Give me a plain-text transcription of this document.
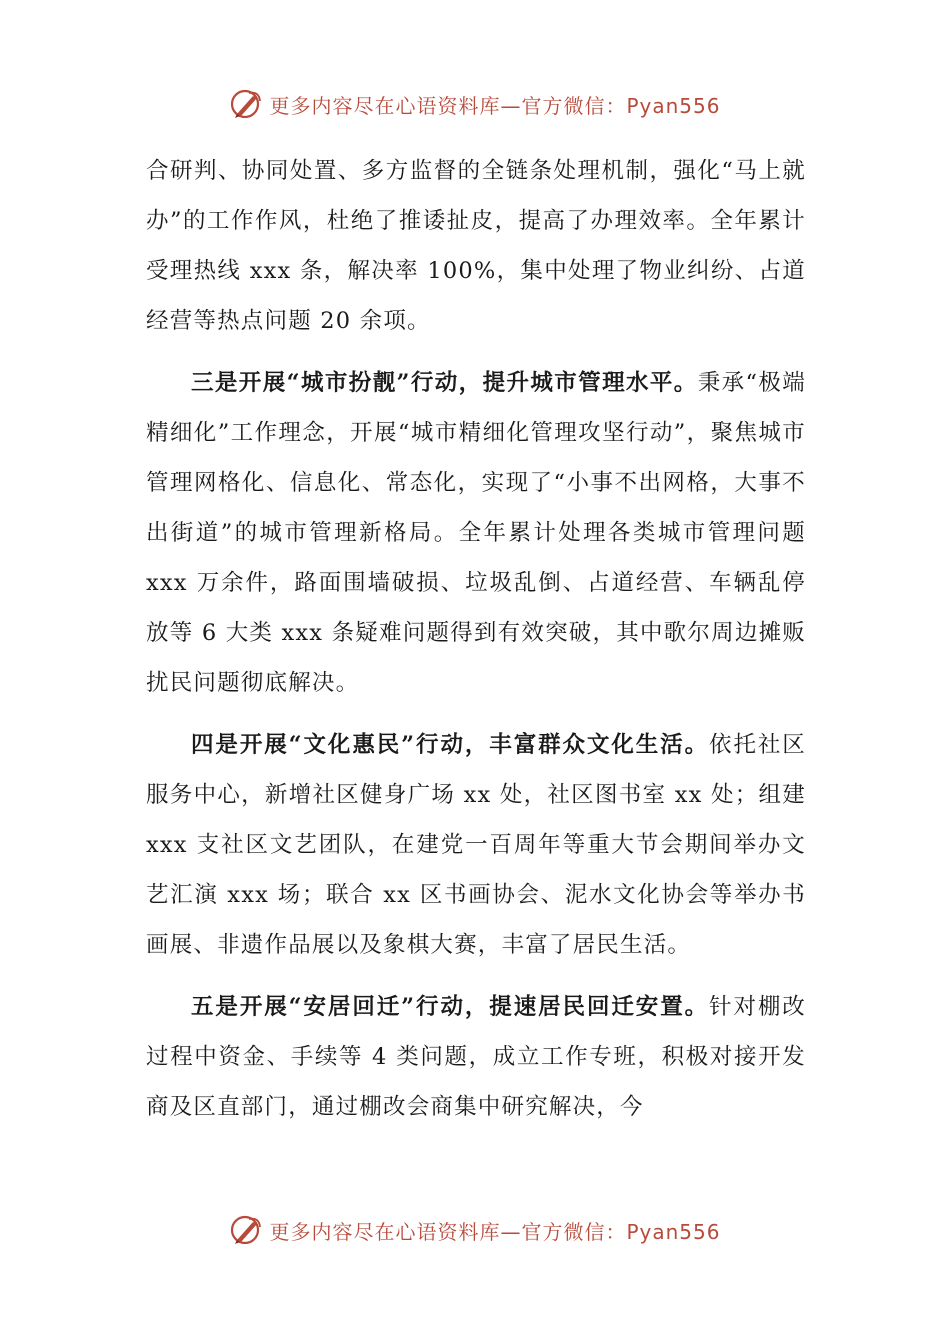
更多内容尽在心语资料库—官方微信：Pyan556

合研判、协同处置、多方监督的全链条处理机制，强化“马上就办”的工作作风，杜绝了推诿扯皮，提高了办理效率。全年累计受理热线 xxx 条，解决率 100%，集中处理了物业纠纷、占道经营等热点问题 20 余项。

三是开展“城市扮靓”行动，提升城市管理水平。秉承“极端精细化”工作理念，开展“城市精细化管理攻坚行动”，聚焦城市管理网格化、信息化、常态化，实现了“小事不出网格，大事不出街道”的城市管理新格局。全年累计处理各类城市管理问题 xxx 万余件，路面围墙破损、垃圾乱倒、占道经营、车辆乱停放等 6 大类 xxx 条疑难问题得到有效突破，其中歌尔周边摊贩扰民问题彻底解决。

四是开展“文化惠民”行动，丰富群众文化生活。依托社区服务中心，新增社区健身广场 xx 处，社区图书室 xx 处；组建 xxx 支社区文艺团队，在建党一百周年等重大节会期间举办文艺汇演 xxx 场；联合 xx 区书画协会、泥水文化协会等举办书画展、非遗作品展以及象棋大赛，丰富了居民生活。

五是开展“安居回迁”行动，提速居民回迁安置。针对棚改过程中资金、手续等 4 类问题，成立工作专班，积极对接开发商及区直部门，通过棚改会商集中研究解决，今

更多内容尽在心语资料库—官方微信：Pyan556
